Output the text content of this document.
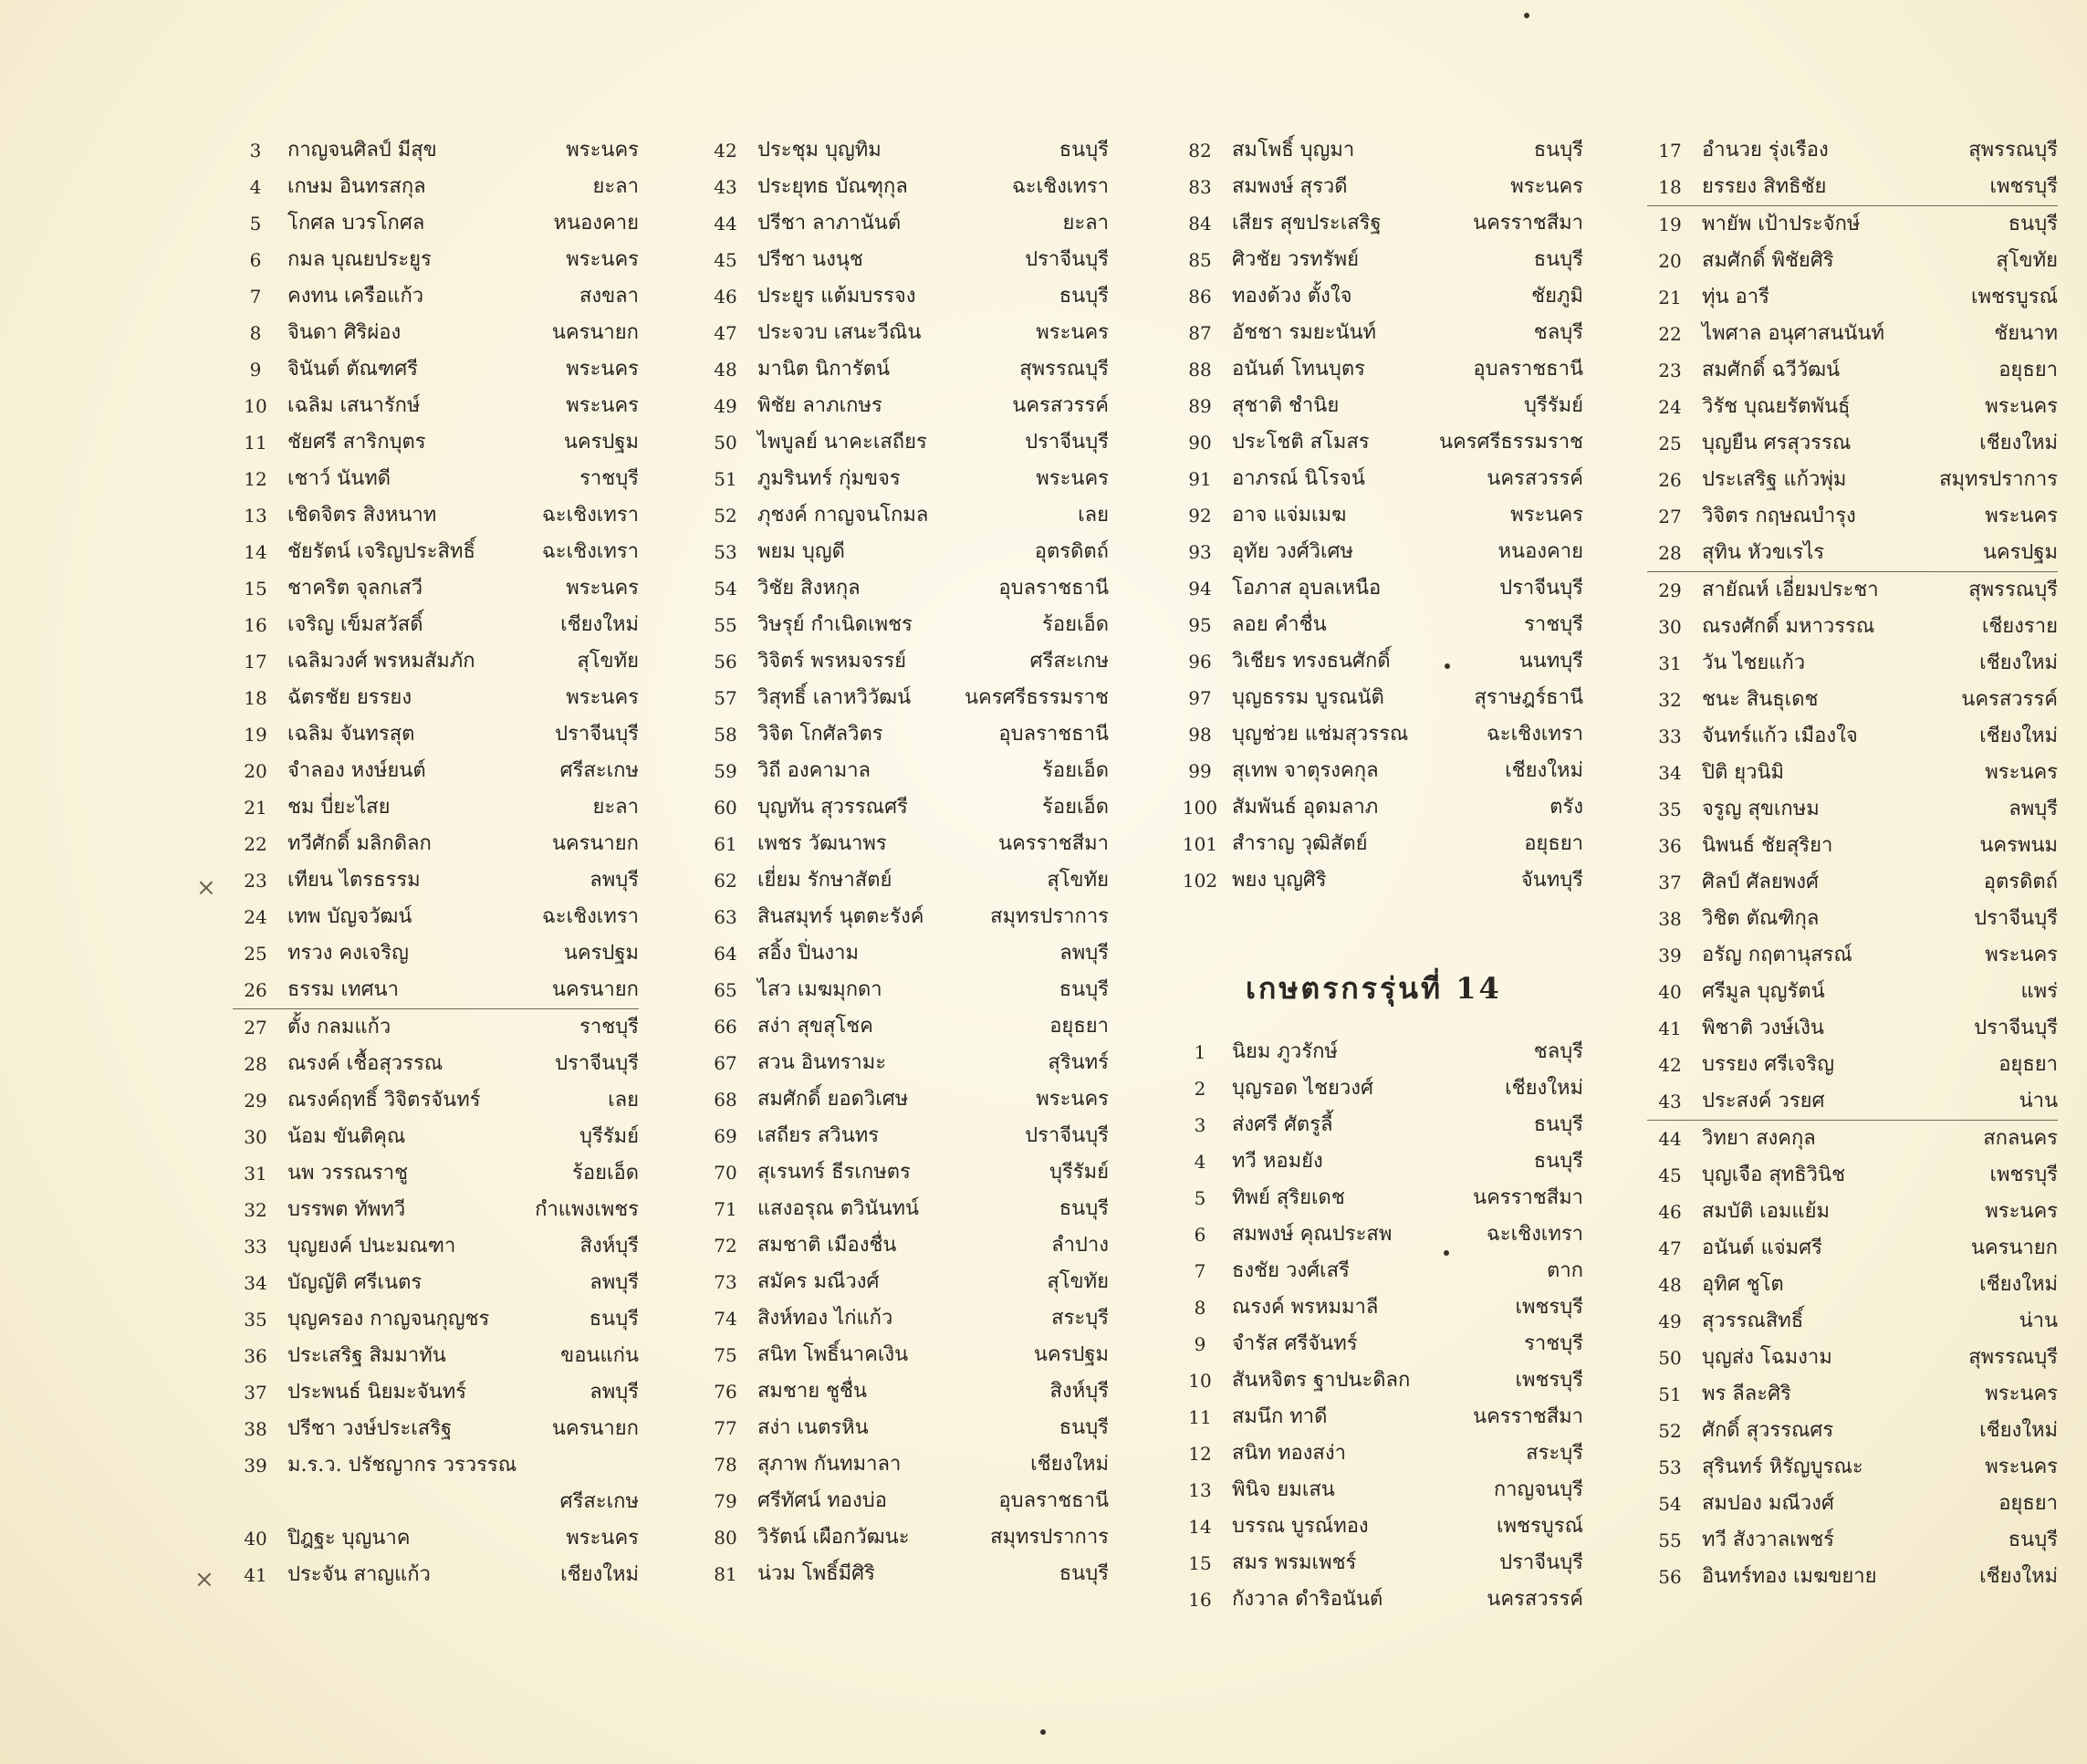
3	กาญจนศิลป์ มีสุข	พระนคร
4	เกษม อินทรสกุล	ยะลา
5	โกศล บวรโกศล	หนองคาย
6	กมล บุณยประยูร	พระนคร
7	คงทน เครือแก้ว	สงขลา
8	จินดา ศิริผ่อง	นครนายก
9	จินันต์ ตัณฑศรี	พระนคร
10	เฉลิม เสนารักษ์	พระนคร
11	ชัยศรี สาริกบุตร	นครปฐม
12	เชาว์ นันทดี	ราชบุรี
13	เชิดจิตร สิงหนาท	ฉะเชิงเทรา
14	ชัยรัตน์ เจริญประสิทธิ์	ฉะเชิงเทรา
15	ชาคริต จุลกเสวี	พระนคร
16	เจริญ เข็มสวัสดิ์	เชียงใหม่
17	เฉลิมวงศ์ พรหมสัมภัก	สุโขทัย
18	ฉัตรชัย ยรรยง	พระนคร
19	เฉลิม จันทรสุต	ปราจีนบุรี
20	จำลอง หงษ์ยนต์	ศรีสะเกษ
21	ชม บี่ยะไสย	ยะลา
22	ทวีศักดิ์ มลิกดิลก	นครนายก
23	เทียน ไตรธรรม	ลพบุรี
24	เทพ บัญจวัฒน์	ฉะเชิงเทรา
25	ทรวง คงเจริญ	นครปฐม
26	ธรรม เทศนา	นครนายก
27	ตั้ง กลมแก้ว	ราชบุรี
28	ณรงค์ เชื้อสุวรรณ	ปราจีนบุรี
29	ณรงค์ฤทธิ์ วิจิตรจันทร์	เลย
30	น้อม ขันติคุณ	บุรีรัมย์
31	นพ วรรณราชู	ร้อยเอ็ด
32	บรรพต ทัพทวี	กำแพงเพชร
33	บุญยงค์ ปนะมณฑา	สิงห์บุรี
34	บัญญัติ ศรีเนตร	ลพบุรี
35	บุญครอง กาญจนกุญชร	ธนบุรี
36	ประเสริฐ สิมมาทัน	ขอนแก่น
37	ประพนธ์ นิยมะจันทร์	ลพบุรี
38	ปรีชา วงษ์ประเสริฐ	นครนายก
39	ม.ร.ว. ปรัชญากร วรวรรณ
ศรีสะเกษ
40	ปิฎฐะ บุญนาค	พระนคร
41	ประจัน สาญแก้ว	เชียงใหม่
42	ประชุม บุญทิม	ธนบุรี
43	ประยุทธ บัณฑุกุล	ฉะเชิงเทรา
44	ปรีชา ลาภานันต์	ยะลา
45	ปรีชา นงนุช	ปราจีนบุรี
46	ประยูร แต้มบรรจง	ธนบุรี
47	ประจวบ เสนะวีณิน	พระนคร
48	มานิต นิการัตน์	สุพรรณบุรี
49	พิชัย ลาภเกษร	นครสวรรค์
50	ไพบูลย์ นาคะเสถียร	ปราจีนบุรี
51	ภูมรินทร์ กุ่มขจร	พระนคร
52	ภุชงค์ กาญจนโกมล	เลย
53	พยม บุญดี	อุตรดิตถ์
54	วิชัย สิงหกุล	อุบลราชธานี
55	วิษรุย์ กำเนิดเพชร	ร้อยเอ็ด
56	วิจิตร์ พรหมจรรย์	ศรีสะเกษ
57	วิสุทธิ์ เลาหวิวัฒน์	นครศรีธรรมราช
58	วิจิต โกศัลวิตร	อุบลราชธานี
59	วิถี องคามาล	ร้อยเอ็ด
60	บุญทัน สุวรรณศรี	ร้อยเอ็ด
61	เพชร วัฒนาพร	นครราชสีมา
62	เยี่ยม รักษาสัตย์	สุโขทัย
63	สินสมุทร์ นุตตะรังค์	สมุทรปราการ
64	สอิ้ง ปิ่นงาม	ลพบุรี
65	ไสว เมฆมุกดา	ธนบุรี
66	สง่า สุขสุโชค	อยุธยา
67	สวน อินทรามะ	สุรินทร์
68	สมศักดิ์ ยอดวิเศษ	พระนคร
69	เสถียร สวินทร	ปราจีนบุรี
70	สุเรนทร์ ธีรเกษตร	บุรีรัมย์
71	แสงอรุณ ตวินันทน์	ธนบุรี
72	สมชาติ เมืองชื่น	ลำปาง
73	สมัคร มณีวงศ์	สุโขทัย
74	สิงห์ทอง ไก่แก้ว	สระบุรี
75	สนิท โพธิ์นาคเงิน	นครปฐม
76	สมชาย ชูชื่น	สิงห์บุรี
77	สง่า เนตรหิน	ธนบุรี
78	สุภาพ กันทมาลา	เชียงใหม่
79	ศรีทัศน์ ทองบ่อ	อุบลราชธานี
80	วิรัตน์ เผือกวัฒนะ	สมุทรปราการ
81	น่วม โพธิ์มีศิริ	ธนบุรี
82	สมโพธิ์ บุญมา	ธนบุรี
83	สมพงษ์ สุรวดี	พระนคร
84	เสียร สุขประเสริฐ	นครราชสีมา
85	ศิวชัย วรทรัพย์	ธนบุรี
86	ทองด้วง ตั้งใจ	ชัยภูมิ
87	อัชชา รมยะนันท์	ชลบุรี
88	อนันต์ โทนบุตร	อุบลราชธานี
89	สุชาติ ชำนิย	บุรีรัมย์
90	ประโชติ สโมสร	นครศรีธรรมราช
91	อาภรณ์ นิโรจน์	นครสวรรค์
92	อาจ แจ่มเมฆ	พระนคร
93	อุทัย วงศ์วิเศษ	หนองคาย
94	โอภาส อุบลเหนือ	ปราจีนบุรี
95	ลอย คำชื่น	ราชบุรี
96	วิเชียร ทรงธนศักดิ์	นนทบุรี
97	บุญธรรม บูรณนัติ	สุราษฎร์ธานี
98	บุญช่วย แช่มสุวรรณ	ฉะเชิงเทรา
99	สุเทพ จาตุรงคกุล	เชียงใหม่
100 สัมพันธ์ อุดมลาภ	ตรัง
101 สำราญ วุฒิสัตย์	อยุธยา
102 พยง บุญศิริ	จันทบุรี
17	อำนวย รุ่งเรือง	สุพรรณบุรี
18	ยรรยง สิทธิชัย	เพชรบุรี
19	พายัพ เป้าประจักษ์	ธนบุรี
20	สมศักดิ์ พิชัยศิริ	สุโขทัย
21	ทุ่น อารี	เพชรบูรณ์
22	ไพศาล อนุศาสนนันท์	ชัยนาท
23	สมศักดิ์ ฉวีวัฒน์	อยุธยา
24	วิรัช บุณยรัตพันธุ์	พระนคร
25	บุญยืน ศรสุวรรณ	เชียงใหม่
26	ประเสริฐ แก้วพุ่ม	สมุทรปราการ
27	วิจิตร กฤษณบำรุง	พระนคร
28	สุทิน หัวขเรไร	นครปฐม
29	สายัณห์ เอี่ยมประชา	สุพรรณบุรี
30	ณรงศักดิ์ มหาวรรณ	เชียงราย
31	วัน ไชยแก้ว	เชียงใหม่
32	ชนะ สินธุเดช	นครสวรรค์
33	จันทร์แก้ว เมืองใจ	เชียงใหม่
34	ปิติ ยุวนิมิ	พระนคร
35	จรูญ สุขเกษม	ลพบุรี
36	นิพนธ์ ชัยสุริยา	นครพนม
37	ศิลป์ ศัลยพงศ์	อุตรดิตถ์
38	วิชิต ตัณฑิกุล	ปราจีนบุรี
39	อรัญ กฤตานุสรณ์	พระนคร
40	ศรีมูล บุญรัตน์	แพร่
41	พิชาติ วงษ์เงิน	ปราจีนบุรี
42	บรรยง ศรีเจริญ	อยุธยา
43	ประสงค์ วรยศ	น่าน
44	วิทยา สงคกุล	สกลนคร
45	บุญเจือ สุทธิวินิช	เพชรบุรี
46	สมบัติ เอมแย้ม	พระนคร
47	อนันต์ แจ่มศรี	นครนายก
48	อุทิศ ชูโต	เชียงใหม่
49	สุวรรณสิทธิ์	น่าน
50	บุญส่ง โฉมงาม	สุพรรณบุรี
51	พร ลีละศิริ	พระนคร
52	ศักดิ์ สุวรรณศร	เชียงใหม่
53	สุรินทร์ หิรัญบูรณะ	พระนคร
54	สมปอง มณีวงศ์	อยุธยา
55	ทวี สังวาลเพชร์	ธนบุรี
56	อินทร์ทอง เมฆขยาย	เชียงใหม่
เกษตรกรรุ่นที่ 14
1	นิยม ภูวรักษ์	ชลบุรี
2	บุญรอด ไชยวงศ์	เชียงใหม่
3	ส่งศรี ศัตรูลี้	ธนบุรี
4	ทวี หอมยัง	ธนบุรี
5	ทิพย์ สุริยเดช	นครราชสีมา
6	สมพงษ์ คุณประสพ	ฉะเชิงเทรา
7	ธงชัย วงศ์เสรี	ตาก
8	ณรงค์ พรหมมาลี	เพชรบุรี
9	จำรัส ศรีจันทร์	ราชบุรี
10	สันหจิตร ฐาปนะดิลก	เพชรบุรี
11	สมนึก ทาดี	นครราชสีมา
12	สนิท ทองสง่า	สระบุรี
13	พินิจ ยมเสน	กาญจนบุรี
14	บรรณ บูรณ์ทอง	เพชรบูรณ์
15	สมร พรมเพชร์	ปราจีนบุรี
16	กังวาล ดำริอนันต์	นครสวรรค์
⨯
⨯
